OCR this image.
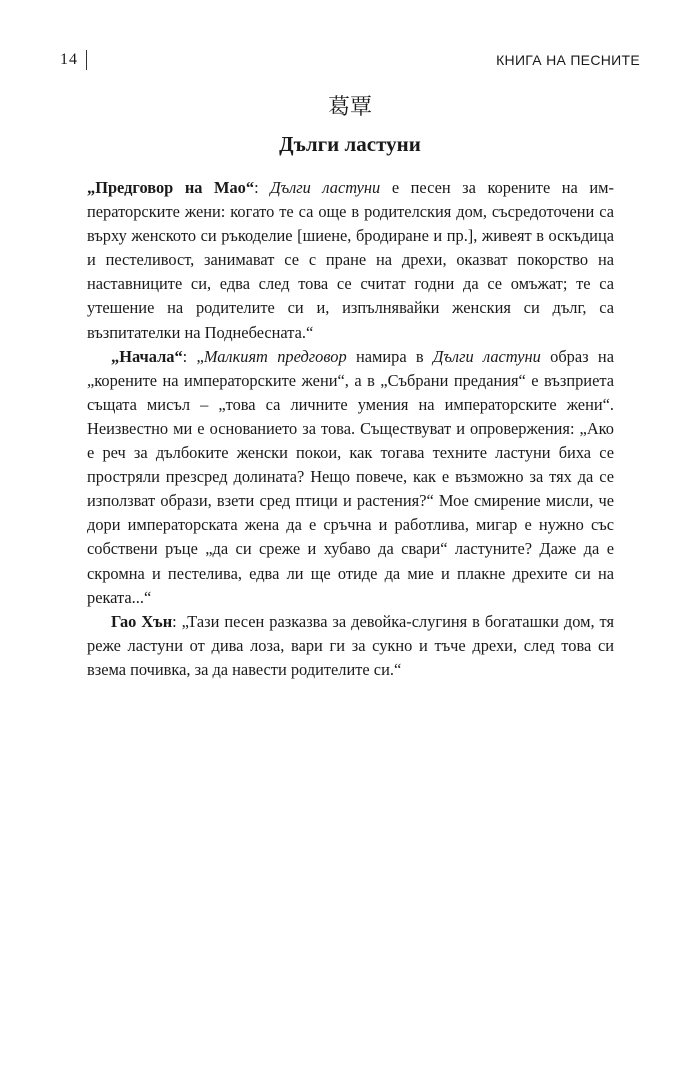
14	КНИГА НА ПЕСНИТЕ
葛覃
Дълги ластуни

„Предговор на Мао“: Дълги ластуни е песен за корените на императорските жени: когато те са още в родителския дом, съсредоточени са върху женското си ръкоделие [шиене, бродиране и пр.], живеят в оскъдица и пестеливост, занимават се с пране на дрехи, оказват покорство на наставниците си, едва след това се считат годни да се омъжат; те са утешение на родителите си и, изпълнявайки женския си дълг, са възпитателки на Поднебесната.“

„Начала“: „Малкият предговор намира в Дълги ластуни образ на „корените на императорските жени“, а в „Събрани предания“ е възприета същата мисъл – „това са личните умения на императорските жени“. Неизвестно ми е основанието за това. Съществуват и опровержения: „Ако е реч за дълбоките женски покои, как тогава техните ластуни биха се простряли презсред долината? Нещо повече, как е възможно за тях да се използват образи, взети сред птици и растения?“ Мое смирение мисли, че дори императорската жена да е сръчна и работлива, мигар е нужно със собствени ръце „да си среже и хубаво да свари“ ластуните? Даже да е скромна и пестелива, едва ли ще отиде да мие и плакне дрехите си на реката...“

Гао Хън: „Тази песен разказва за девойка-слугиня в богаташки дом, тя реже ластуни от дива лоза, вари ги за сукно и тъче дрехи, след това си взема почивка, за да навести родителите си.“
